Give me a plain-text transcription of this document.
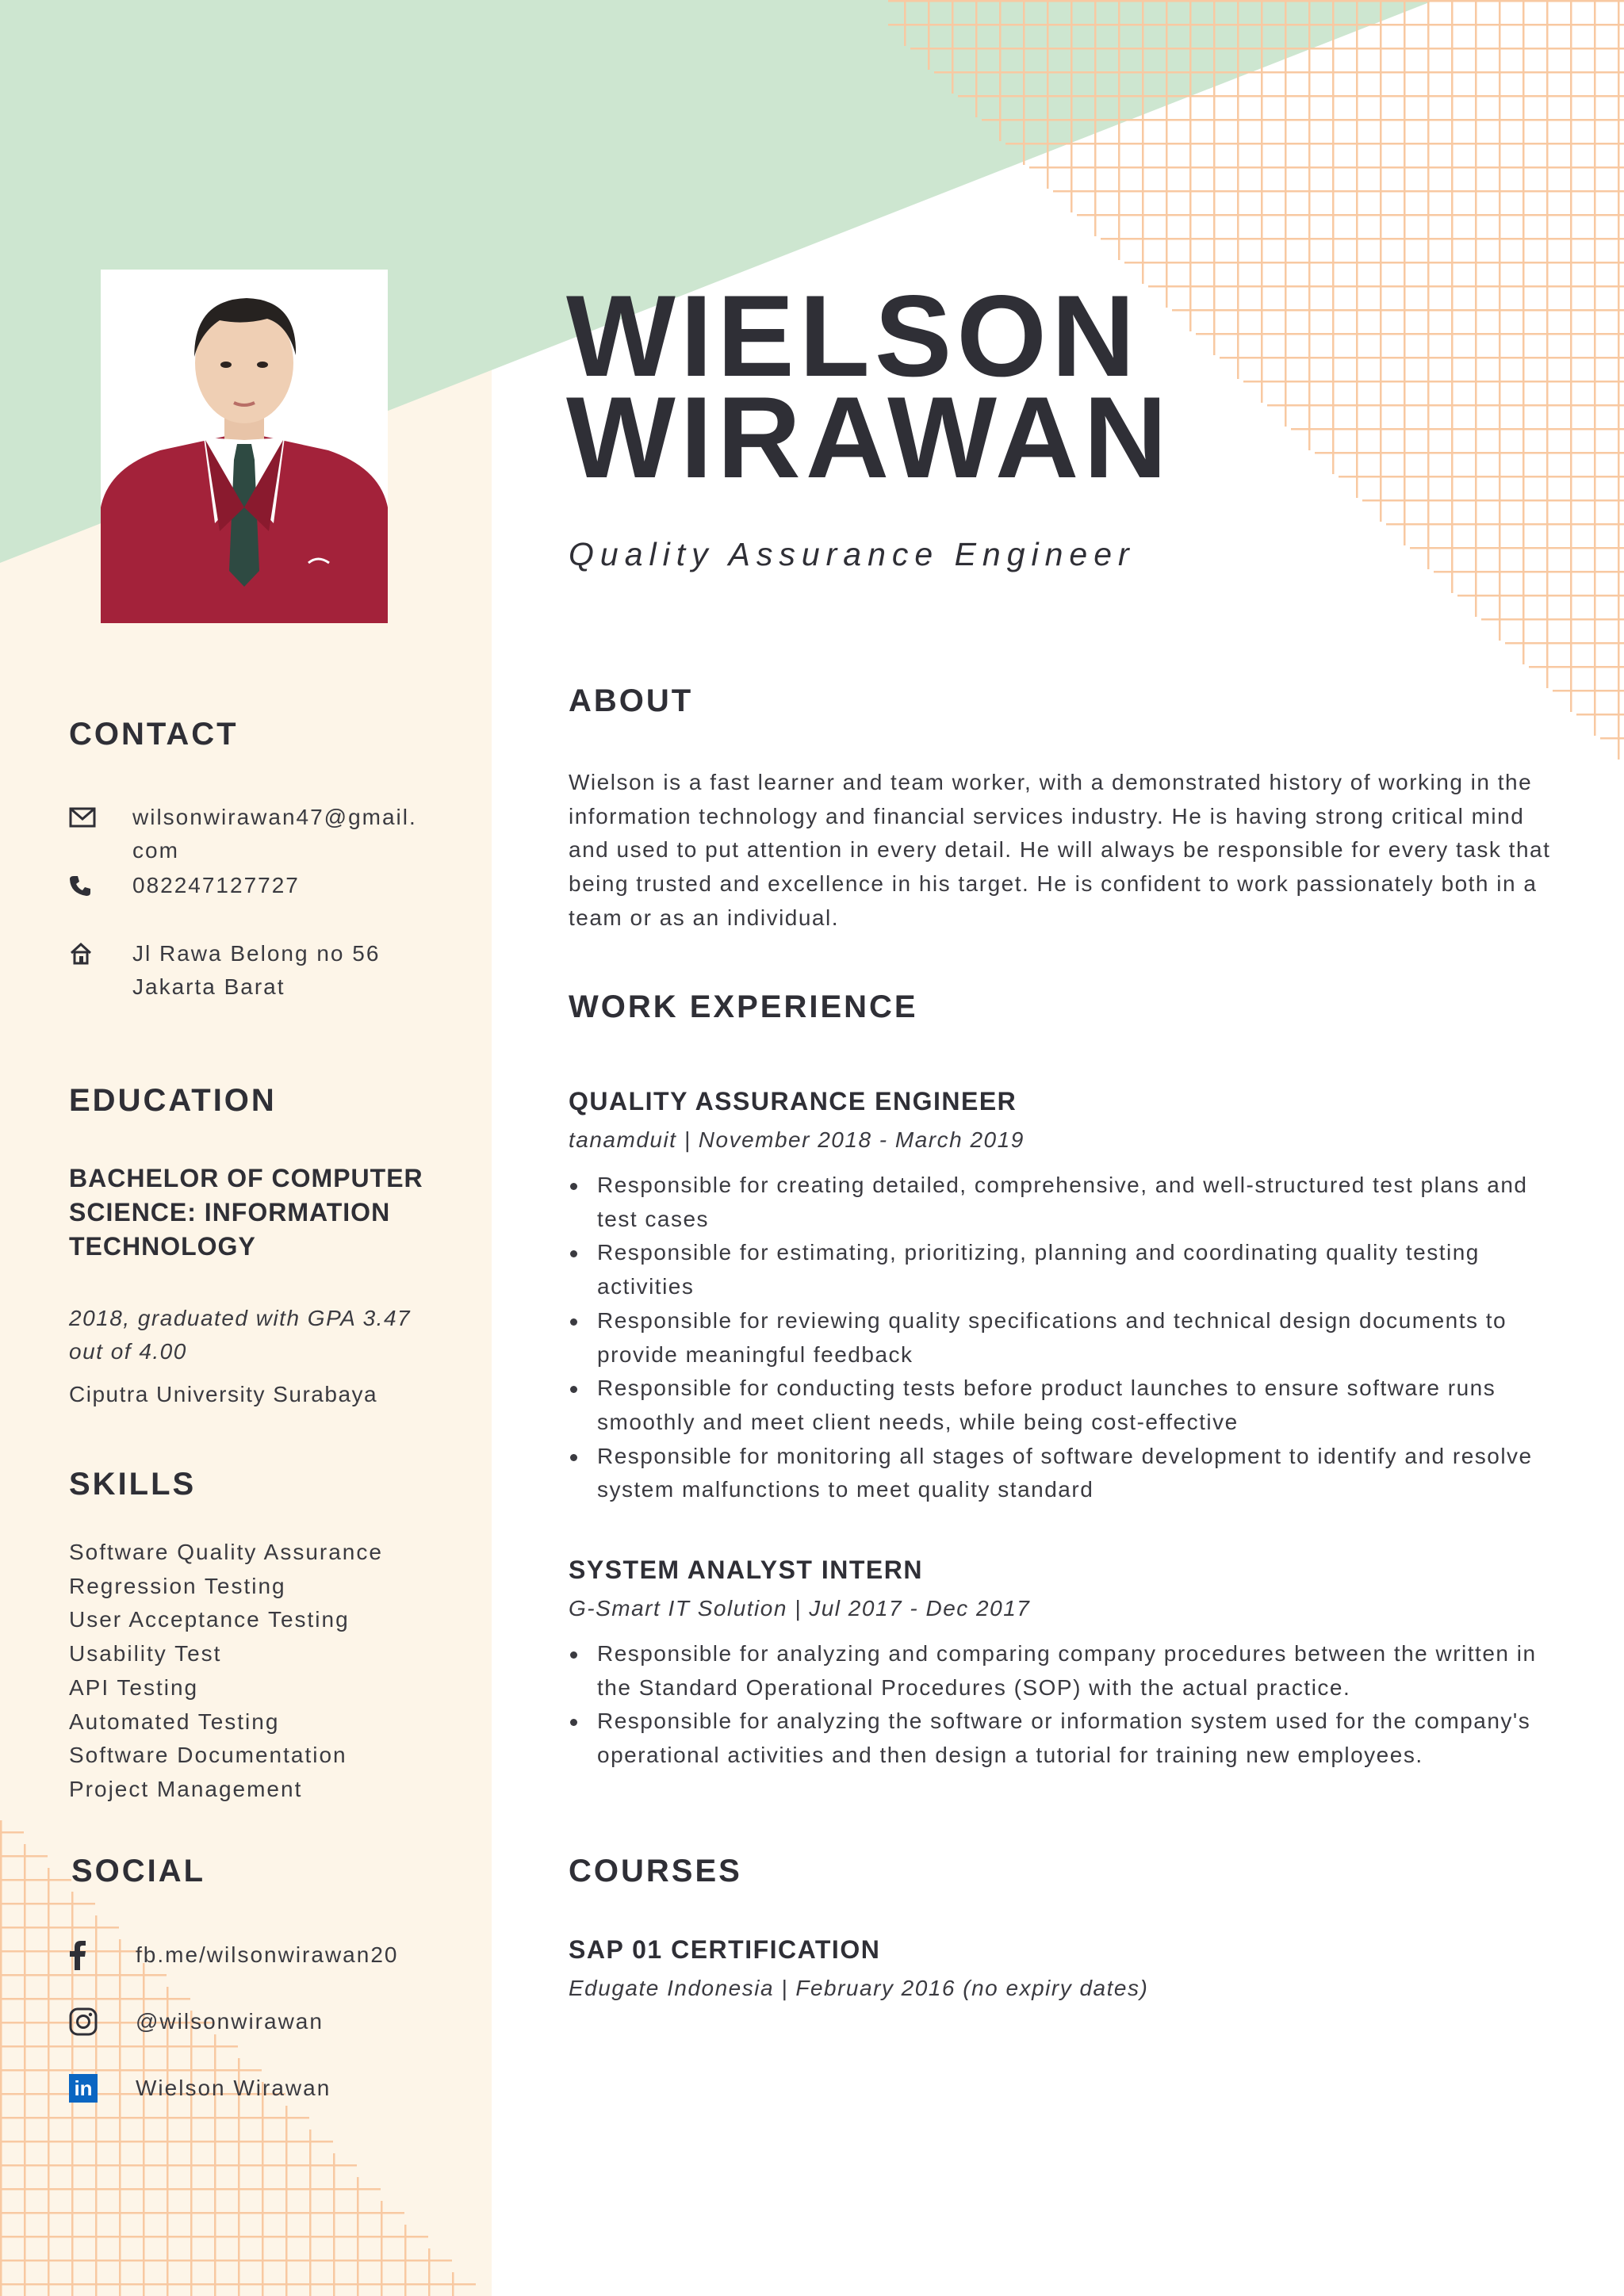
WIELSON
WIRAWAN
Quality Assurance Engineer
CONTACT
wilsonwirawan47@gmail.com
082247127727
Jl Rawa Belong no 56 Jakarta Barat
EDUCATION
BACHELOR OF COMPUTER SCIENCE: INFORMATION TECHNOLOGY

2018, graduated with GPA 3.47 out of 4.00

Ciputra University Surabaya

SKILLS
Software Quality Assurance
Regression Testing
User Acceptance Testing
Usability Test
API Testing
Automated Testing
Software Documentation
Project Management
SOCIAL
fb.me/wilsonwirawan20
@wilsonwirawan
in Wielson Wirawan
ABOUT

Wielson is a fast learner and team worker, with a demonstrated history of working in the information technology and financial services industry. He is having strong critical mind and used to put attention in every detail. He will always be responsible for every task that being trusted and excellence in his target. He is confident to work passionately both in a team or as an individual.

WORK EXPERIENCE
QUALITY ASSURANCE ENGINEER

tanamduit | November 2018 - March 2019

Responsible for creating detailed, comprehensive, and well-structured test plans and test cases
Responsible for estimating, prioritizing, planning and coordinating quality testing activities
Responsible for reviewing quality specifications and technical design documents to provide meaningful feedback
Responsible for conducting tests before product launches to ensure software runs smoothly and meet client needs, while being cost-effective
Responsible for monitoring all stages of software development to identify and resolve system malfunctions to meet quality standard
SYSTEM ANALYST INTERN

G-Smart IT Solution | Jul 2017 - Dec 2017

Responsible for analyzing and comparing company procedures between the written in the Standard Operational Procedures (SOP) with the actual practice.
Responsible for analyzing the software or information system used for the company's operational activities and then design a tutorial for training new employees.
COURSES
SAP 01 CERTIFICATION

Edugate Indonesia | February 2016 (no expiry dates)
